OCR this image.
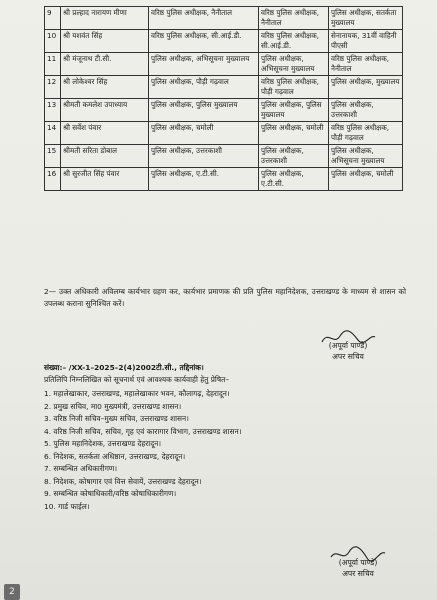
9	श्री प्रल्हाद नारायण मीणा	वरिष्ठ पुलिस अधीक्षक, नैनीताल	वरिष्ठ पुलिस अधीक्षक, नैनीताल	पुलिस अधीक्षक, सतर्कता मुख्यालय
10	श्री यशवंत सिंह	वरिष्ठ पुलिस अधीक्षक, सी.आई.डी.	वरिष्ठ पुलिस अधीक्षक, सी.आई.डी.	सेनानायक, 31वीं वाहिनी पीएसी
11	श्री मंजूनाथ टी.सी.	पुलिस अधीक्षक, अभिसूचना मुख्यालय	पुलिस अधीक्षक, अभिसूचना मुख्यालय	वरिष्ठ पुलिस अधीक्षक, नैनीताल
12	श्री लोकेश्वर सिंह	पुलिस अधीक्षक, पौड़ी गढ़वाल	वरिष्ठ पुलिस अधीक्षक, पौड़ी गढ़वाल	पुलिस अधीक्षक, मुख्यालय
13	श्रीमती कमलेश उपाध्याय	पुलिस अधीक्षक, पुलिस मुख्यालय	पुलिस अधीक्षक, पुलिस मुख्यालय	पुलिस अधीक्षक, उत्तरकाशी
14	श्री सर्वेश पंवार	पुलिस अधीक्षक, चमोली	पुलिस अधीक्षक, चमोली	वरिष्ठ पुलिस अधीक्षक, पौड़ी गढ़वाल
15	श्रीमती सरिता डोबाल	पुलिस अधीक्षक, उत्तरकाशी	पुलिस अधीक्षक, उत्तरकाशी	पुलिस अधीक्षक, अभिसूचना मुख्यालय
16	श्री सुरजीत सिंह पंवार	पुलिस अधीक्षक, ए.टी.सी.	पुलिस अधीक्षक, ए.टी.सी.	पुलिस अधीक्षक, चमोली
2— उक्त अधिकारी अविलम्ब कार्यभार ग्रहण कर, कार्यभार प्रमाणक की प्रति पुलिस महानिदेशक, उत्तराखण्ड के माध्यम से शासन को उपलब्ध कराना सुनिश्चित करें।
(अपूर्वा पाण्डे)
अपर सचिव
संख्या:– /XX-1–2025–2(4)2002टी.सी., तद्दिनांक।
प्रतिलिपि निम्नलिखित को सूचनार्थ एवं आवश्यक कार्यवाही हेतु प्रेषित–
1. महालेखाकार, उत्तराखण्ड, महालेखाकार भवन, कौलागढ़, देहरादून।
2. प्रमुख सचिव, मा0 मुख्यमंत्री, उत्तराखण्ड शासन।
3. वरिष्ठ निजी सचिव–मुख्य सचिव, उत्तराखण्ड शासन।
4. वरिष्ठ निजी सचिव, सचिव, गृह एवं कारागार विभाग, उत्तराखण्ड शासन।
5. पुलिस महानिदेशक, उत्तराखण्ड देहरादून।
6. निदेशक, सतर्कता अधिष्ठान, उत्तराखण्ड, देहरादून।
7. सम्बन्धित अधिकारीगण।
8. निदेशक, कोषागार एवं वित्त सेवायें, उत्तराखण्ड देहरादून।
9. सम्बन्धित कोषाधिकारी/वरिष्ठ कोषाधिकारीगण।
10. गार्ड फाईल।
(अपूर्वा पाण्डे)
अपर सचिव
2
